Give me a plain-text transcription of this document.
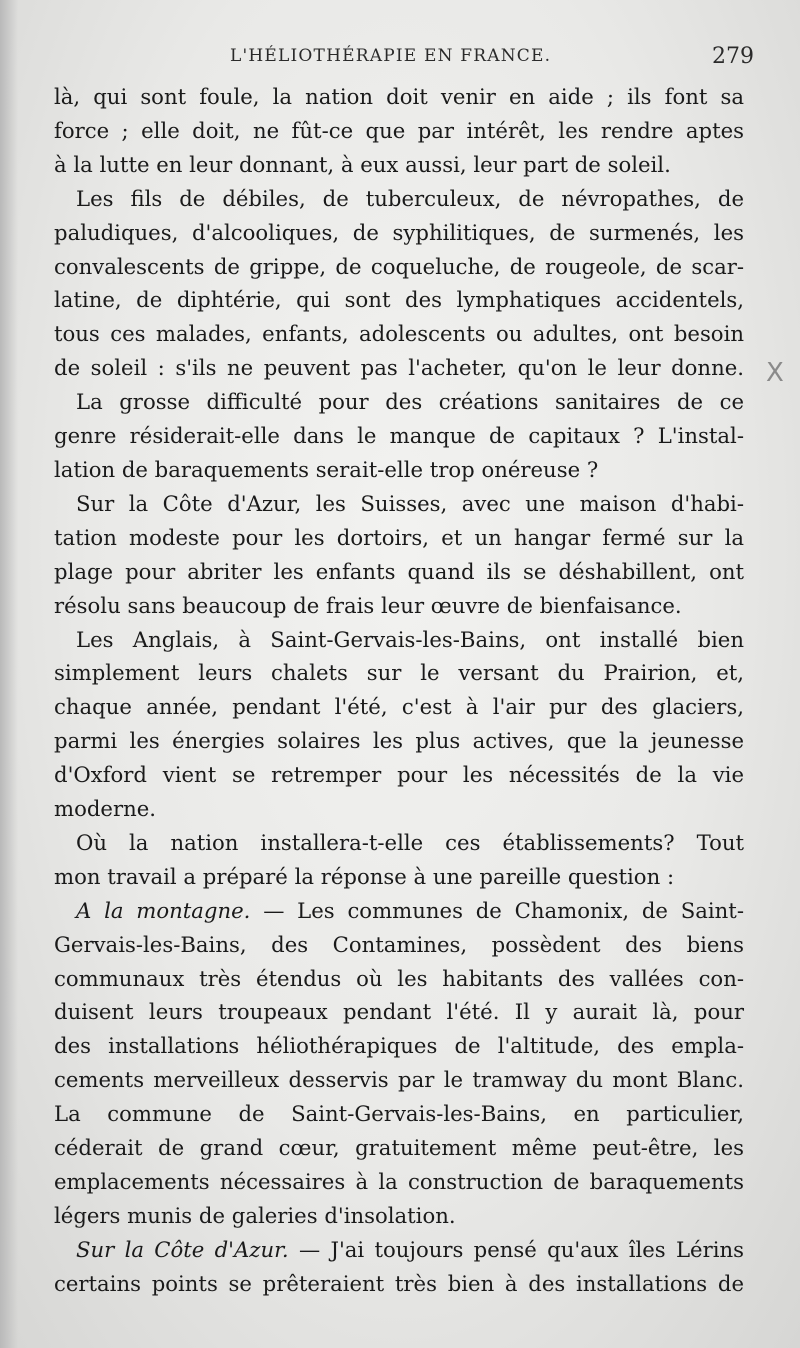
L'HÉLIOTHÉRAPIE EN FRANCE.	279
X
là, qui sont foule, la nation doit venir en aide ; ils font sa
force ; elle doit, ne fût-ce que par intérêt, les rendre aptes
à la lutte en leur donnant, à eux aussi, leur part de soleil.
Les fils de débiles, de tuberculeux, de névropathes, de
paludiques, d'alcooliques, de syphilitiques, de surmenés, les
convalescents de grippe, de coqueluche, de rougeole, de scar-
latine, de diphtérie, qui sont des lymphatiques accidentels,
tous ces malades, enfants, adolescents ou adultes, ont besoin
de soleil : s'ils ne peuvent pas l'acheter, qu'on le leur donne.
La grosse difficulté pour des créations sanitaires de ce
genre résiderait-elle dans le manque de capitaux ? L'instal-
lation de baraquements serait-elle trop onéreuse ?
Sur la Côte d'Azur, les Suisses, avec une maison d'habi-
tation modeste pour les dortoirs, et un hangar fermé sur la
plage pour abriter les enfants quand ils se déshabillent, ont
résolu sans beaucoup de frais leur œuvre de bienfaisance.
Les Anglais, à Saint-Gervais-les-Bains, ont installé bien
simplement leurs chalets sur le versant du Prairion, et,
chaque année, pendant l'été, c'est à l'air pur des glaciers,
parmi les énergies solaires les plus actives, que la jeunesse
d'Oxford vient se retremper pour les nécessités de la vie
moderne.
Où la nation installera-t-elle ces établissements? Tout
mon travail a préparé la réponse à une pareille question :
A la montagne. — Les communes de Chamonix, de Saint-
Gervais-les-Bains, des Contamines, possèdent des biens
communaux très étendus où les habitants des vallées con-
duisent leurs troupeaux pendant l'été. Il y aurait là, pour
des installations héliothérapiques de l'altitude, des empla-
cements merveilleux desservis par le tramway du mont Blanc.
La commune de Saint-Gervais-les-Bains, en particulier,
céderait de grand cœur, gratuitement même peut-être, les
emplacements nécessaires à la construction de baraquements
légers munis de galeries d'insolation.
Sur la Côte d'Azur. — J'ai toujours pensé qu'aux îles Lérins
certains points se prêteraient très bien à des installations de
